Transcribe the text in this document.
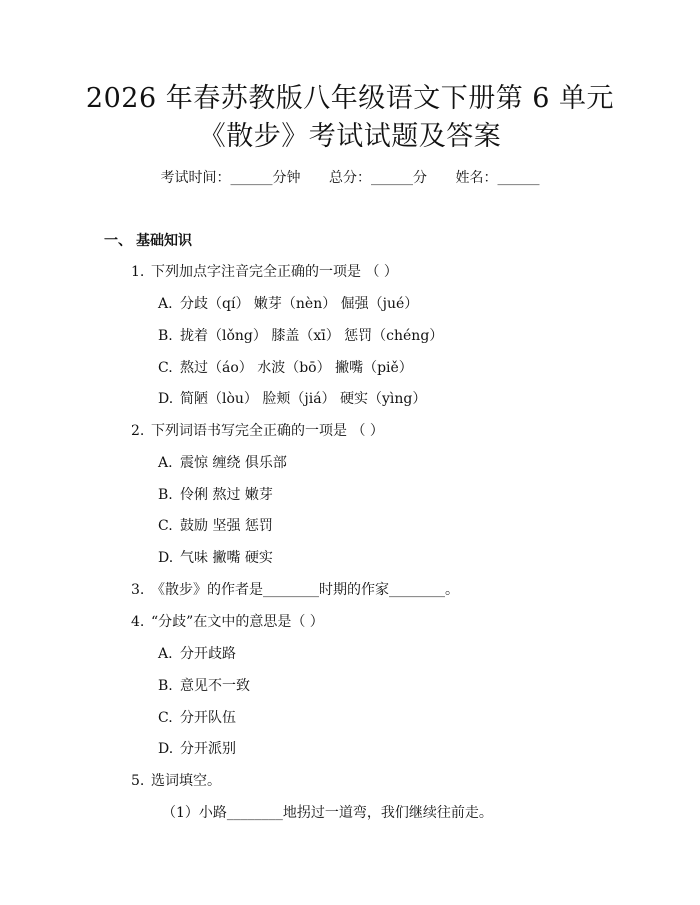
2026 年春苏教版八年级语文下册第 6 单元
《散步》考试试题及答案
考试时间：______分钟 总分：______分 姓名：______
一、 基础知识
1. 下列加点字注音完全正确的一项是 （ ）
A. 分歧（qí） 嫩芽（nèn） 倔强（jué）
B. 拢着（lǒng） 膝盖（xī） 惩罚（chéng）
C. 熬过（áo） 水波（bō） 撇嘴（piě）
D. 简陋（lòu） 脸颊（jiá） 硬实（yìng）
2. 下列词语书写完全正确的一项是 （ ）
A. 震惊 缠绕 俱乐部
B. 伶俐 熬过 嫩芽
C. 鼓励 坚强 惩罚
D. 气味 撇嘴 硬实
3. 《散步》的作者是________时期的作家________。
4. “分歧”在文中的意思是（ ）
A. 分开歧路
B. 意见不一致
C. 分开队伍
D. 分开派别
5. 选词填空。
（1）小路________地拐过一道弯，我们继续往前走。
